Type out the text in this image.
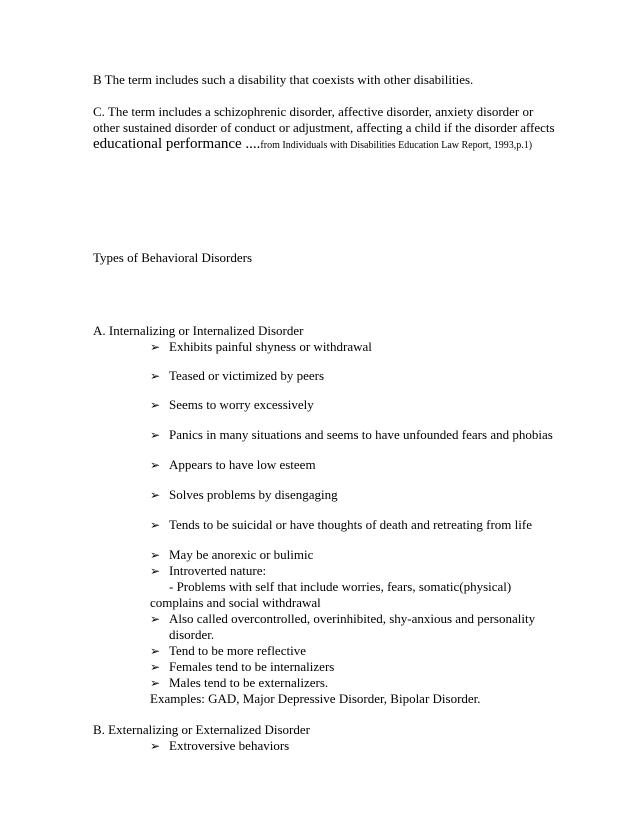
B The term includes such a disability that coexists with other disabilities.
C. The term includes a schizophrenic disorder, affective disorder, anxiety disorder or
other sustained disorder of conduct or adjustment, affecting a child if the disorder affects
educational performance ....from Individuals with Disabilities Education Law Report, 1993,p.1)
Types of Behavioral Disorders
A. Internalizing or Internalized Disorder
➢ Exhibits painful shyness or withdrawal
➢ Teased or victimized by peers
➢ Seems to worry excessively
➢ Panics in many situations and seems to have unfounded fears and phobias
➢ Appears to have low esteem
➢ Solves problems by disengaging
➢ Tends to be suicidal or have thoughts of death and retreating from life
➢ May be anorexic or bulimic
➢ Introverted nature:
- Problems with self that include worries, fears, somatic(physical)
complains and social withdrawal
➢ Also called overcontrolled, overinhibited, shy-anxious and personality
disorder.
➢ Tend to be more reflective
➢ Females tend to be internalizers
➢ Males tend to be externalizers.
Examples: GAD, Major Depressive Disorder, Bipolar Disorder.
B. Externalizing or Externalized Disorder
➢ Extroversive behaviors
